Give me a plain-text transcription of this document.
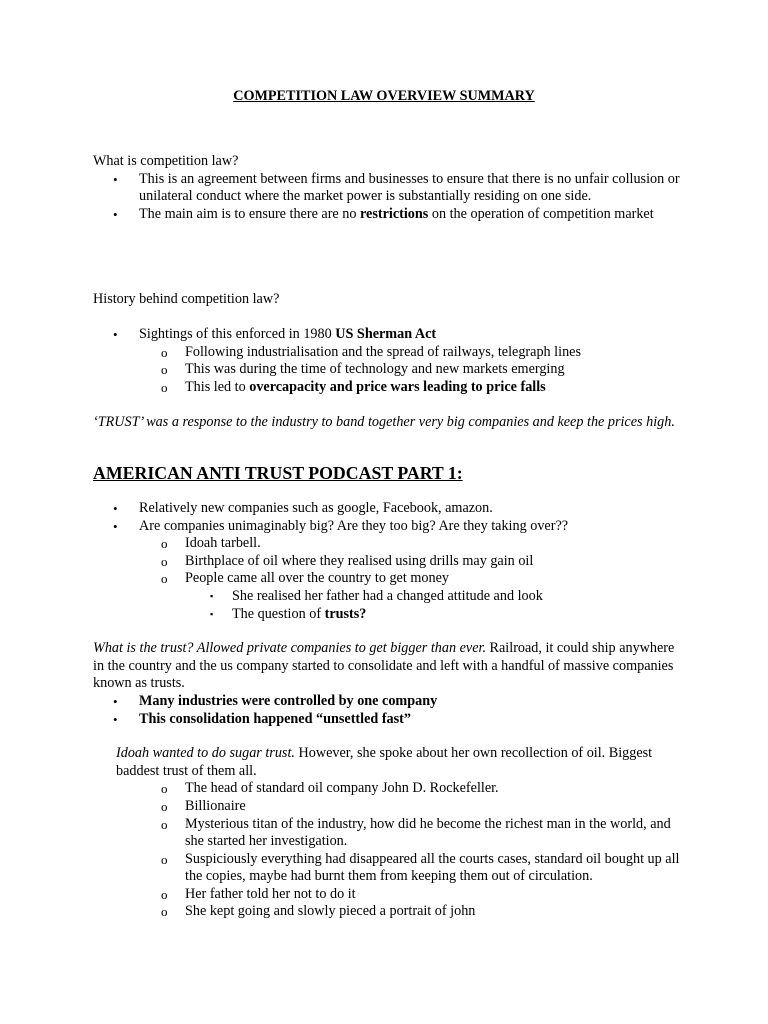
COMPETITION LAW OVERVIEW SUMMARY
What is competition law?
• This is an agreement between firms and businesses to ensure that there is no unfair collusion or unilateral conduct where the market power is substantially residing on one side.
• The main aim is to ensure there are no restrictions on the operation of competition market
History behind competition law?
• Sightings of this enforced in 1980 US Sherman Act
o Following industrialisation and the spread of railways, telegraph lines
o This was during the time of technology and new markets emerging
o This led to overcapacity and price wars leading to price falls
‘TRUST’ was a response to the industry to band together very big companies and keep the prices high.
AMERICAN ANTI TRUST PODCAST PART 1:
• Relatively new companies such as google, Facebook, amazon.
• Are companies unimaginably big? Are they too big? Are they taking over??
o Idoah tarbell.
o Birthplace of oil where they realised using drills may gain oil
o People came all over the country to get money
▪ She realised her father had a changed attitude and look
▪ The question of trusts?
What is the trust? Allowed private companies to get bigger than ever. Railroad, it could ship anywhere in the country and the us company started to consolidate and left with a handful of massive companies known as trusts.
• Many industries were controlled by one company
• This consolidation happened “unsettled fast”
Idoah wanted to do sugar trust. However, she spoke about her own recollection of oil. Biggest baddest trust of them all.
o The head of standard oil company John D. Rockefeller.
o Billionaire
o Mysterious titan of the industry, how did he become the richest man in the world, and she started her investigation.
o Suspiciously everything had disappeared all the courts cases, standard oil bought up all the copies, maybe had burnt them from keeping them out of circulation.
o Her father told her not to do it
o She kept going and slowly pieced a portrait of john
